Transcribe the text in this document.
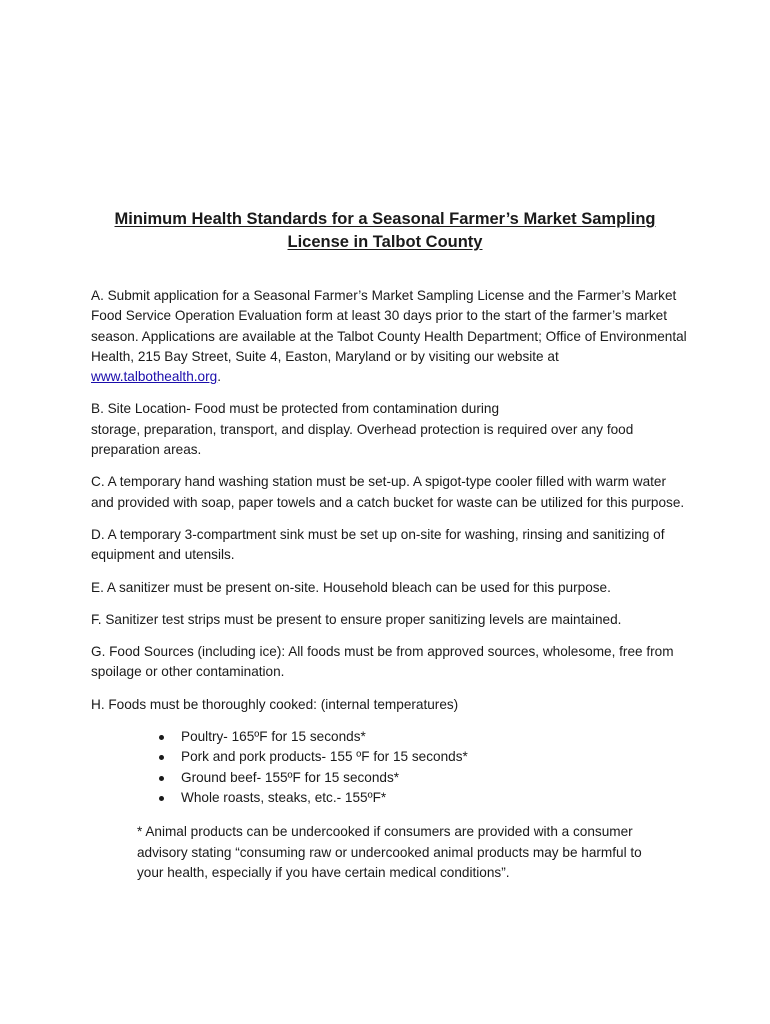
Minimum Health Standards for a Seasonal Farmer’s Market Sampling
License in Talbot County

A. Submit application for a Seasonal Farmer’s Market Sampling License and the Farmer’s Market Food Service Operation Evaluation form at least 30 days prior to the start of the farmer’s market season. Applications are available at the Talbot County Health Department; Office of Environmental Health, 215 Bay Street, Suite 4, Easton, Maryland or by visiting our website at www.talbothealth.org.

B. Site Location- Food must be protected from contamination during
storage, preparation, transport, and display. Overhead protection is required over any food preparation areas.

C. A temporary hand washing station must be set-up. A spigot-type cooler filled with warm water and provided with soap, paper towels and a catch bucket for waste can be utilized for this purpose.

D. A temporary 3-compartment sink must be set up on-site for washing, rinsing and sanitizing of equipment and utensils.

E. A sanitizer must be present on-site. Household bleach can be used for this purpose.

F. Sanitizer test strips must be present to ensure proper sanitizing levels are maintained.

G. Food Sources (including ice): All foods must be from approved sources, wholesome, free from spoilage or other contamination.

H. Foods must be thoroughly cooked: (internal temperatures)

Poultry- 165ºF for 15 seconds*
Pork and pork products- 155 ºF for 15 seconds*
Ground beef- 155ºF for 15 seconds*
Whole roasts, steaks, etc.- 155ºF*

* Animal products can be undercooked if consumers are provided with a consumer advisory stating “consuming raw or undercooked animal products may be harmful to your health, especially if you have certain medical conditions”.
